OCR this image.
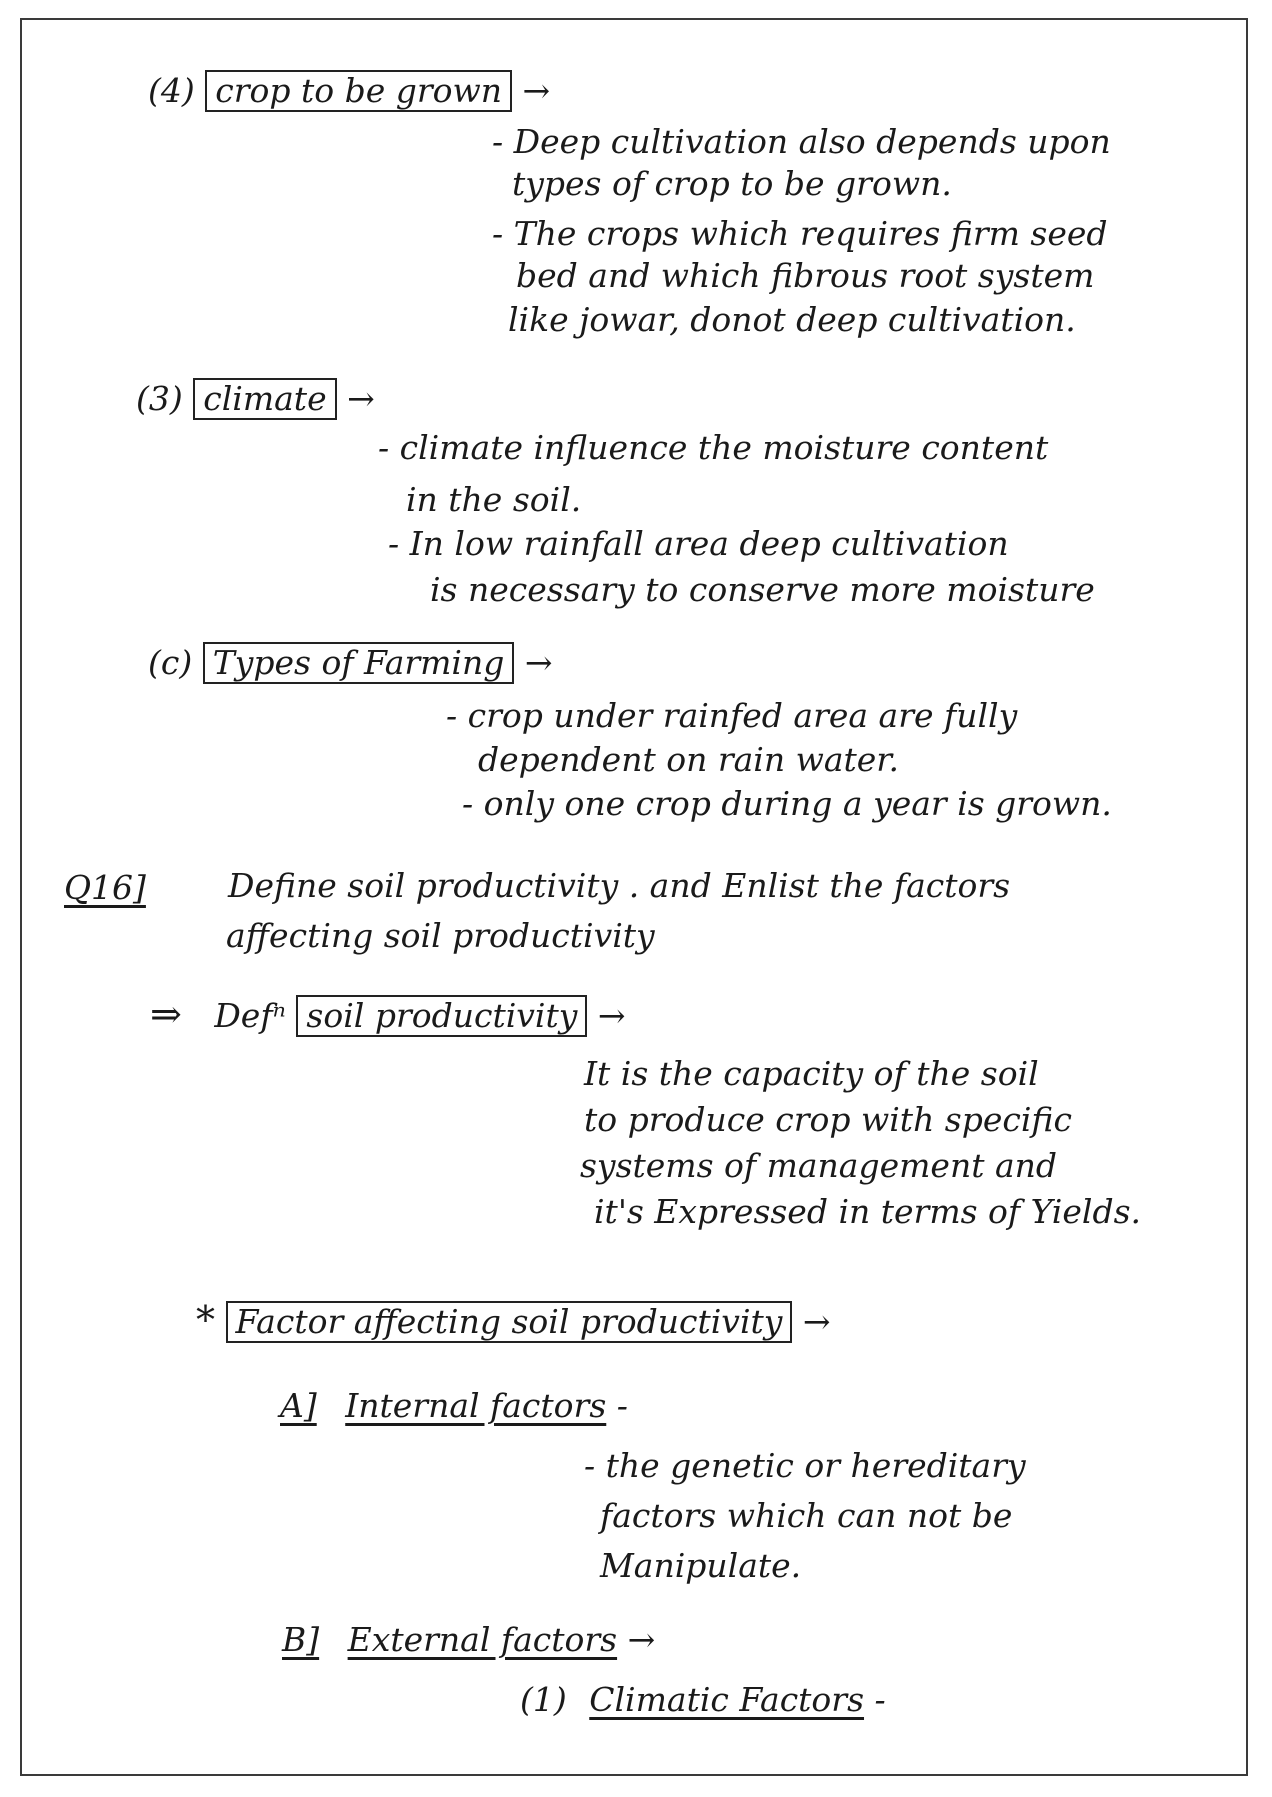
(4) crop to be grown →
- Deep cultivation also depends upon
types of crop to be grown.
- The crops which requires firm seed
bed and which fibrous root system
like jowar, donot deep cultivation.
(3) climate →
- climate influence the moisture content
in the soil.
- In low rainfall area deep cultivation
is necessary to conserve more moisture
(c) Types of Farming →
- crop under rainfed area are fully
dependent on rain water.
- only one crop during a year is grown.
Q16] Define soil productivity . and Enlist the factors
affecting soil productivity
⇒ Defⁿ soil productivity →
It is the capacity of the soil
to produce crop with specific
systems of management and
it's Expressed in terms of Yields.
* Factor affecting soil productivity →
A] Internal factors -
- the genetic or hereditary
factors which can not be
Manipulate.
B] External factors →
(1) Climatic Factors -
